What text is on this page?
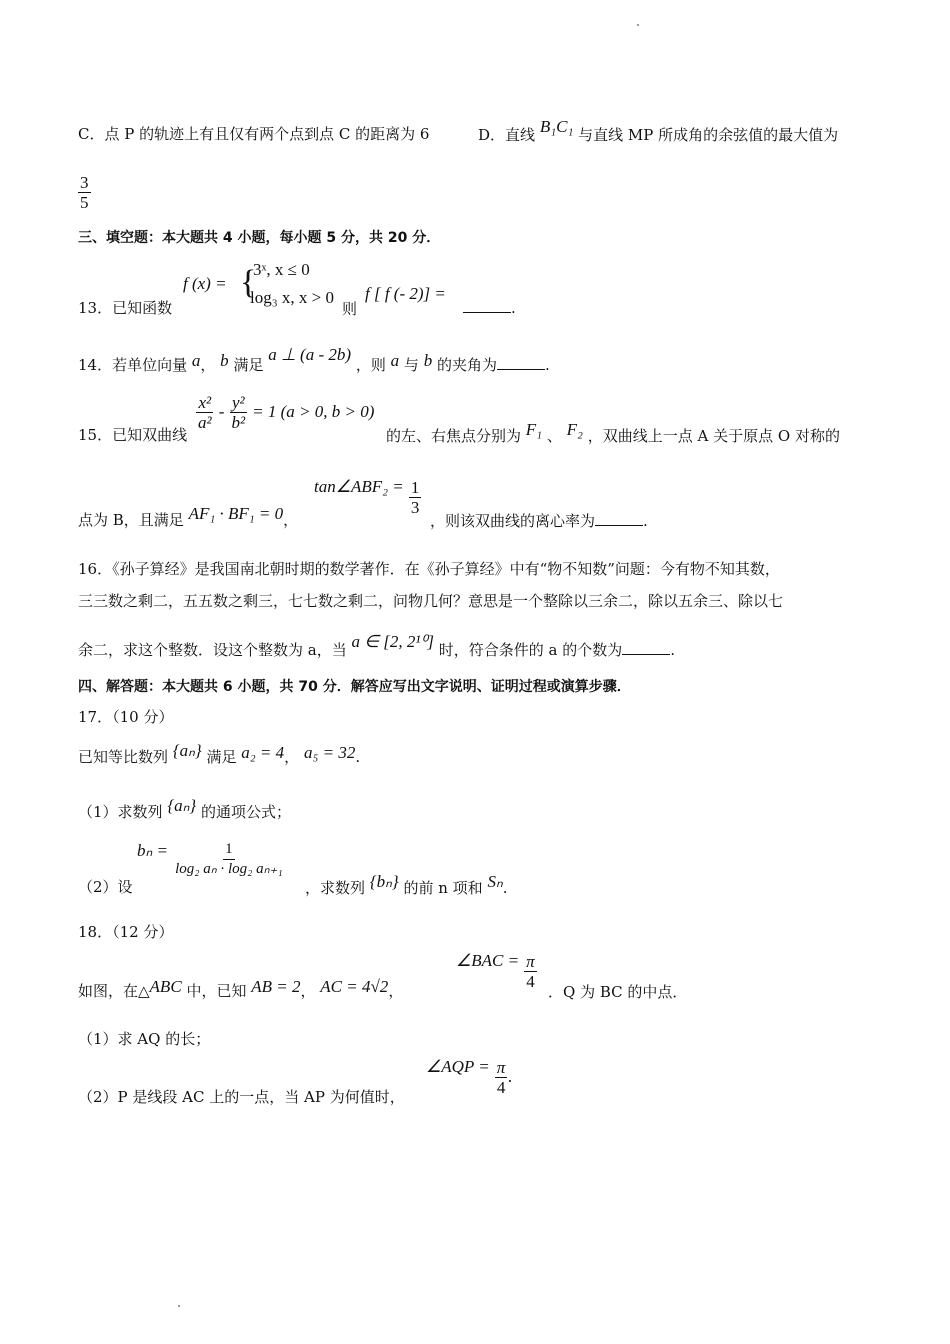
C．点 P 的轨迹上有且仅有两个点到点 C 的距离为 6	D．直线 B₁C₁ 与直线 MP 所成角的余弦值的最大值为
$\frac{3}{5}$
三、填空题：本大题共 4 小题，每小题 5 分，共 20 分．
13．已知函数
f (x) = {
3ˣ, x ≤ 0
log₃ x, x > 0
则
f [ f (- 2)] =
.
14．若单位向量 a， b 满足 a ⊥ (a - 2b) ，则 a 与 b 的夹角为	.
15．已知双曲线
$\frac{\text{x²}}{\text{a²}} - \frac{\text{y²}}{\text{b²}} = 1$ (a > 0, b > 0)
的左、右焦点分别为 F₁ 、 F₂ ，双曲线上一点 A 关于原点 O 对称的
点为 B，且满足 AF₁ · BF₁ = 0，
tan∠ABF₂ = $\frac{1}{3}$
，则该双曲线的离心率为	.
16．《孙子算经》是我国南北朝时期的数学著作．在《孙子算经》中有“物不知数”问题：今有物不知其数，
三三数之剩二，五五数之剩三，七七数之剩二，问物几何？意思是一个整除以三余二，除以五余三、除以七
余二，求这个整数．设这个整数为 a，当 a ∈ [2, 2¹⁰] 时，符合条件的 a 的个数为	.
四、解答题：本大题共 6 小题，共 70 分．解答应写出文字说明、证明过程或演算步骤．
17．（10 分）
已知等比数列 {aₙ} 满足 a₂ = 4， a₅ = 32.
（1）求数列 {aₙ} 的通项公式；
（2）设
$b_n = \frac{1}{\text{log₂ aₙ · log₂ aₙ₊₁}}$
，求数列 {bₙ} 的前 n 项和 Sₙ.
18．（12 分）
如图，在△ABC 中，已知 AB = 2， AC = 4√2，
∠BAC = $\frac{\pi}{4}$
．Q 为 BC 的中点．
（1）求 AQ 的长；
（2）P 是线段 AC 上的一点，当 AP 为何值时，
∠AQP = $\frac{\pi}{4}$ .
